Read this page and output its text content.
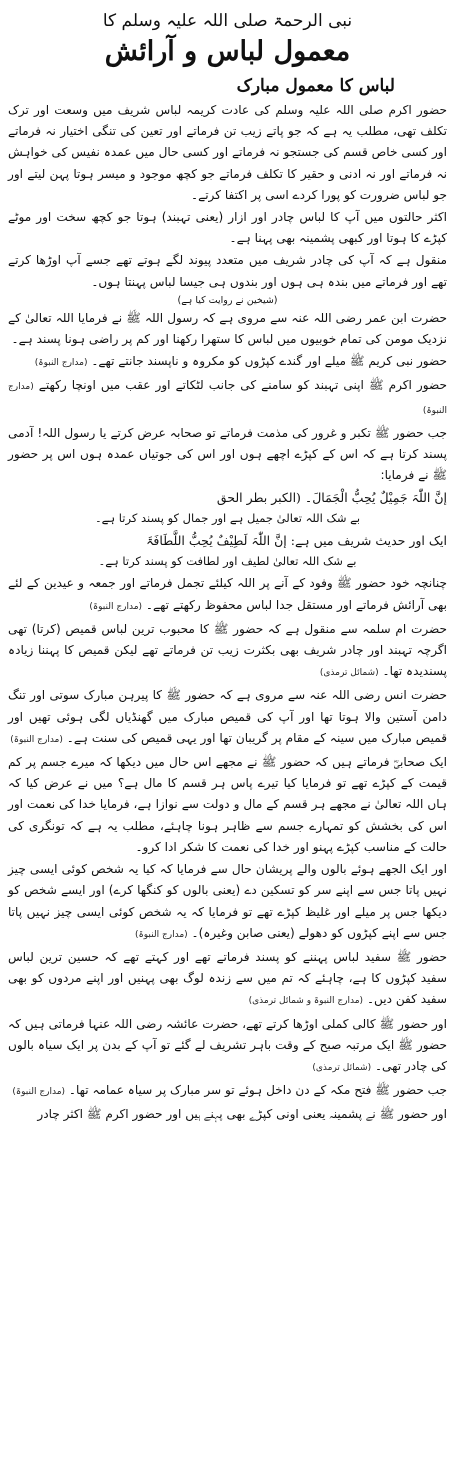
نبی الرحمۃ صلی اللہ علیہ وسلم کا
معمول لباس و آرائش
لباس کا معمول مبارک

حضور اکرم صلی اللہ علیہ وسلم کی عادت کریمہ لباس شریف میں وسعت اور ترک تکلف تھی، مطلب یہ ہے کہ جو پاتے زیب تن فرماتے اور تعین کی تنگی اختیار نہ فرماتے اور کسی خاص قسم کی جستجو نہ فرماتے اور کسی حال میں عمدہ نفیس کی خواہش نہ فرماتے اور نہ ادنی و حقیر کا تکلف فرماتے جو کچھ موجود و میسر ہوتا پہن لیتے اور جو لباس ضرورت کو پورا کردے اسی پر اکتفا کرتے۔

اکثر حالتوں میں آپ کا لباس چادر اور ازار (یعنی تہبند) ہوتا جو کچھ سخت اور موٹے کپڑے کا ہوتا اور کبھی پشمینہ بھی پہنا ہے۔

منقول ہے کہ آپ کی چادر شریف میں متعدد پیوند لگے ہوتے تھے جسے آپ اوڑھا کرتے تھے اور فرماتے میں بندہ ہی ہوں اور بندوں ہی جیسا لباس پہنتا ہوں۔

(شیخین نے روایت کیا ہے)

حضرت ابن عمر رضی اللہ عنہ سے مروی ہے کہ رسول اللہ ﷺ نے فرمایا اللہ تعالیٰ کے نزدیک مومن کی تمام خوبیوں میں لباس کا ستھرا رکھنا اور کم پر راضی ہونا پسند ہے۔

حضور نبی کریم ﷺ میلے اور گندے کپڑوں کو مکروہ و ناپسند جانتے تھے۔ (مدارج النبوۃ)

حضور اکرم ﷺ اپنی تہبند کو سامنے کی جانب لٹکاتے اور عقب میں اونچا رکھتے (مدارج النبوۃ)

جب حضور ﷺ تکبر و غرور کی مذمت فرماتے تو صحابہ عرض کرتے یا رسول اللہ! آدمی پسند کرتا ہے کہ اس کے کپڑے اچھے ہوں اور اس کی جوتیاں عمدہ ہوں اس پر حضور ﷺ نے فرمایا:

إنَّ اللّٰہَ جَمِیْلٌ یُحِبُّ الْجَمَالَ۔ (الکبر بطر الحق
بے شک اللہ تعالیٰ جمیل ہے اور جمال کو پسند کرتا ہے۔
ایک اور حدیث شریف میں ہے: إنَّ اللّٰہَ لَطِیْفٌ یُحِبُّ اللَّطَافَۃَ
بے شک اللہ تعالیٰ لطیف اور لطافت کو پسند کرتا ہے۔

چنانچہ خود حضور ﷺ وفود کے آنے پر اللہ کیلئے تجمل فرماتے اور جمعہ و عیدین کے لئے بھی آرائش فرماتے اور مستقل جدا لباس محفوظ رکھتے تھے۔ (مدارج النبوۃ)

حضرت ام سلمہ سے منقول ہے کہ حضور ﷺ کا محبوب ترین لباس قمیص (کرتا) تھی اگرچہ تہبند اور چادر شریف بھی بکثرت زیب تن فرماتے تھے لیکن قمیص کا پہننا زیادہ پسندیدہ تھا۔ (شمائل ترمذی)

حضرت انس رضی اللہ عنہ سے مروی ہے کہ حضور ﷺ کا پیرہن مبارک سوتی اور تنگ دامن آستین والا ہوتا تھا اور آپ کی قمیص مبارک میں گھنڈیاں لگی ہوئی تھیں اور قمیص مبارک میں سینہ کے مقام پر گریبان تھا اور یہی قمیص کی سنت ہے۔ (مدارج النبوۃ)

ایک صحابیؓ فرماتے ہیں کہ حضور ﷺ نے مجھے اس حال میں دیکھا کہ میرے جسم پر کم قیمت کے کپڑے تھے تو فرمایا کیا تیرے پاس ہر قسم کا مال ہے؟ میں نے عرض کیا کہ ہاں اللہ تعالیٰ نے مجھے ہر قسم کے مال و دولت سے نوازا ہے، فرمایا خدا کی نعمت اور اس کی بخشش کو تمہارے جسم سے ظاہر ہونا چاہئے، مطلب یہ ہے کہ تونگری کی حالت کے مناسب کپڑے پہنو اور خدا کی نعمت کا شکر ادا کرو۔

اور ایک الجھے ہوئے بالوں والے پریشان حال سے فرمایا کہ کیا یہ شخص کوئی ایسی چیز نہیں پاتا جس سے اپنے سر کو تسکین دے (یعنی بالوں کو کنگھا کرے) اور ایسے شخص کو دیکھا جس پر میلے اور غلیظ کپڑے تھے تو فرمایا کہ یہ شخص کوئی ایسی چیز نہیں پاتا جس سے اپنے کپڑوں کو دھولے (یعنی صابن وغیرہ)۔ (مدارج النبوۃ)

حضور ﷺ سفید لباس پہننے کو پسند فرماتے تھے اور کہتے تھے کہ حسین ترین لباس سفید کپڑوں کا ہے، چاہئے کہ تم میں سے زندہ لوگ بھی پہنیں اور اپنے مردوں کو بھی سفید کفن دیں۔ (مدارج النبوۃ و شمائل ترمذی)

اور حضور ﷺ کالی کملی اوڑھا کرتے تھے، حضرت عائشہ رضی اللہ عنہا فرماتی ہیں کہ حضور ﷺ ایک مرتبہ صبح کے وقت باہر تشریف لے گئے تو آپ کے بدن پر ایک سیاہ بالوں کی چادر تھی۔ (شمائل ترمذی)

جب حضور ﷺ فتح مکہ کے دن داخل ہوئے تو سر مبارک پر سیاہ عمامہ تھا۔ (مدارج النبوۃ)

اور حضور ﷺ نے پشمینہ یعنی اونی کپڑے بھی پہنے ہیں اور حضور اکرم ﷺ اکثر چادر
